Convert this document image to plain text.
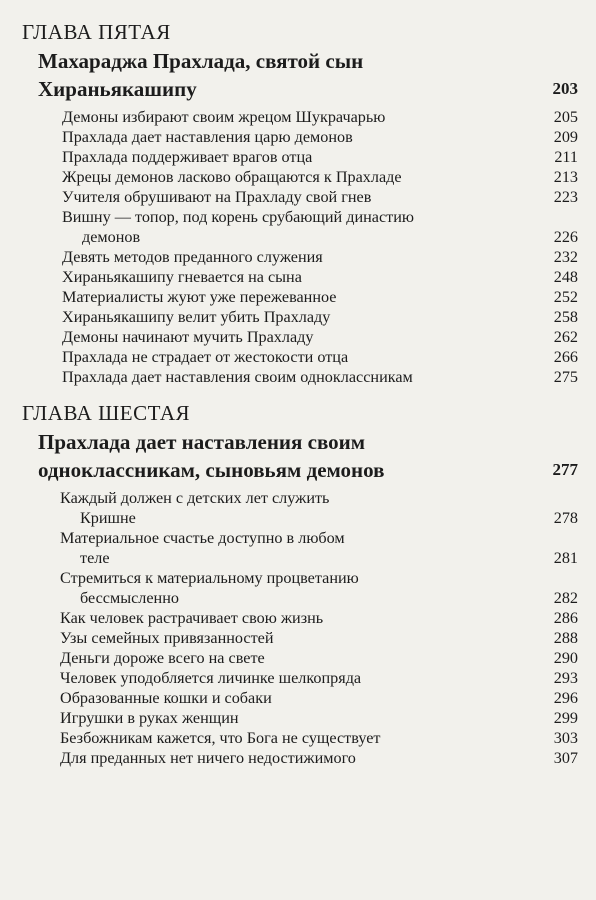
ГЛАВА ПЯТАЯ
Махараджа Прахлада, святой сын
Хираньякашипу	203
Демоны избирают своим жрецом Шукрачарью	205
Прахлада дает наставления царю демонов	209
Прахлада поддерживает врагов отца	211
Жрецы демонов ласково обращаются к Прахладе	213
Учителя обрушивают на Прахладу свой гнев	223
Вишну — топор, под корень срубающий династию
демонов	226
Девять методов преданного служения	232
Хираньякашипу гневается на сына	248
Материалисты жуют уже пережеванное	252
Хираньякашипу велит убить Прахладу	258
Демоны начинают мучить Прахладу	262
Прахлада не страдает от жестокости отца	266
Прахлада дает наставления своим одноклассникам	275
ГЛАВА ШЕСТАЯ
Прахлада дает наставления своим
одноклассникам, сыновьям демонов	277
Каждый должен с детских лет служить
Кришне	278
Материальное счастье доступно в любом
теле	281
Стремиться к материальному процветанию
бессмысленно	282
Как человек растрачивает свою жизнь	286
Узы семейных привязанностей	288
Деньги дороже всего на свете	290
Человек уподобляется личинке шелкопряда	293
Образованные кошки и собаки	296
Игрушки в руках женщин	299
Безбожникам кажется, что Бога не существует	303
Для преданных нет ничего недостижимого	307
